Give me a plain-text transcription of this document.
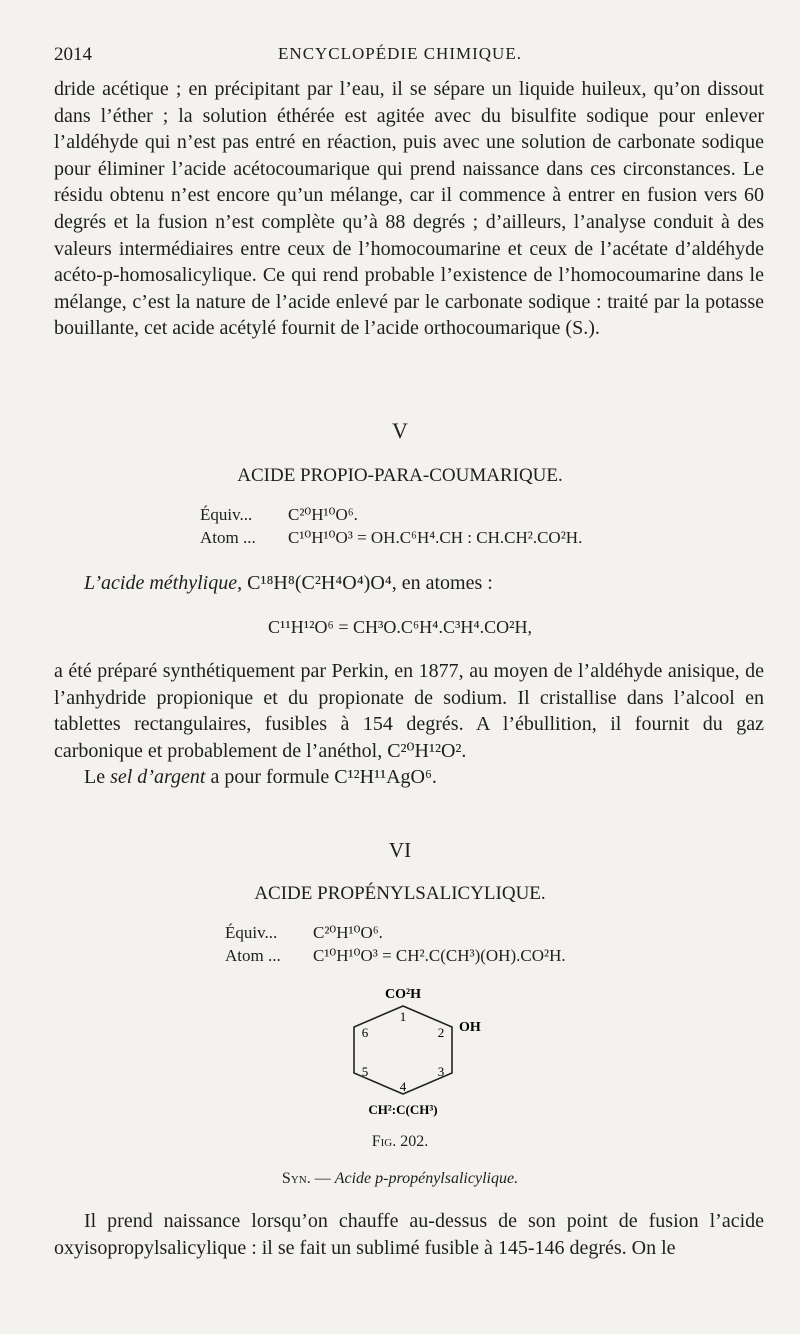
2014	ENCYCLOPÉDIE CHIMIQUE.

dride acétique ; en précipitant par l’eau, il se sépare un liquide huileux, qu’on dissout dans l’éther ; la solution éthérée est agitée avec du bisulfite sodique pour enlever l’aldéhyde qui n’est pas entré en réaction, puis avec une solution de carbonate sodique pour éliminer l’acide acétocoumarique qui prend naissance dans ces circonstances. Le résidu obtenu n’est encore qu’un mélange, car il commence à entrer en fusion vers 60 degrés et la fusion n’est complète qu’à 88 degrés ; d’ailleurs, l’analyse conduit à des valeurs intermédiaires entre ceux de l’homocoumarine et ceux de l’acétate d’aldéhyde acéto-p-homosalicylique. Ce qui rend probable l’existence de l’homocoumarine dans le mélange, c’est la nature de l’acide enlevé par le carbonate sodique : traité par la potasse bouillante, cet acide acétylé fournit de l’acide orthocoumarique (S.).

V

ACIDE PROPIO-PARA-COUMARIQUE.

Équiv... C²⁰H¹⁰O⁶.
Atom ... C¹⁰H¹⁰O³ = OH.C⁶H⁴.CH : CH.CH².CO²H.

L’acide méthylique, C¹⁸H⁸(C²H⁴O⁴)O⁴, en atomes :

C¹¹H¹²O⁶ = CH³O.C⁶H⁴.C³H⁴.CO²H,

a été préparé synthétiquement par Perkin, en 1877, au moyen de l’aldéhyde anisique, de l’anhydride propionique et du propionate de sodium. Il cristallise dans l’alcool en tablettes rectangulaires, fusibles à 154 degrés. A l’ébullition, il fournit du gaz carbonique et probablement de l’anéthol, C²⁰H¹²O².

Le sel d’argent a pour formule C¹²H¹¹AgO⁶.

VI

ACIDE PROPÉNYLSALICYLIQUE.

Équiv... C²⁰H¹⁰O⁶.
Atom ... C¹⁰H¹⁰O³ = CH².C(CH³)(OH).CO²H.
CO²H
OH
CH²:C(CH³)
1
2
3
4
5
6
Fig. 202.
Syn. — Acide p-propénylsalicylique.

Il prend naissance lorsqu’on chauffe au-dessus de son point de fusion l’acide oxyisopropylsalicylique : il se fait un sublimé fusible à 145-146 degrés. On le
